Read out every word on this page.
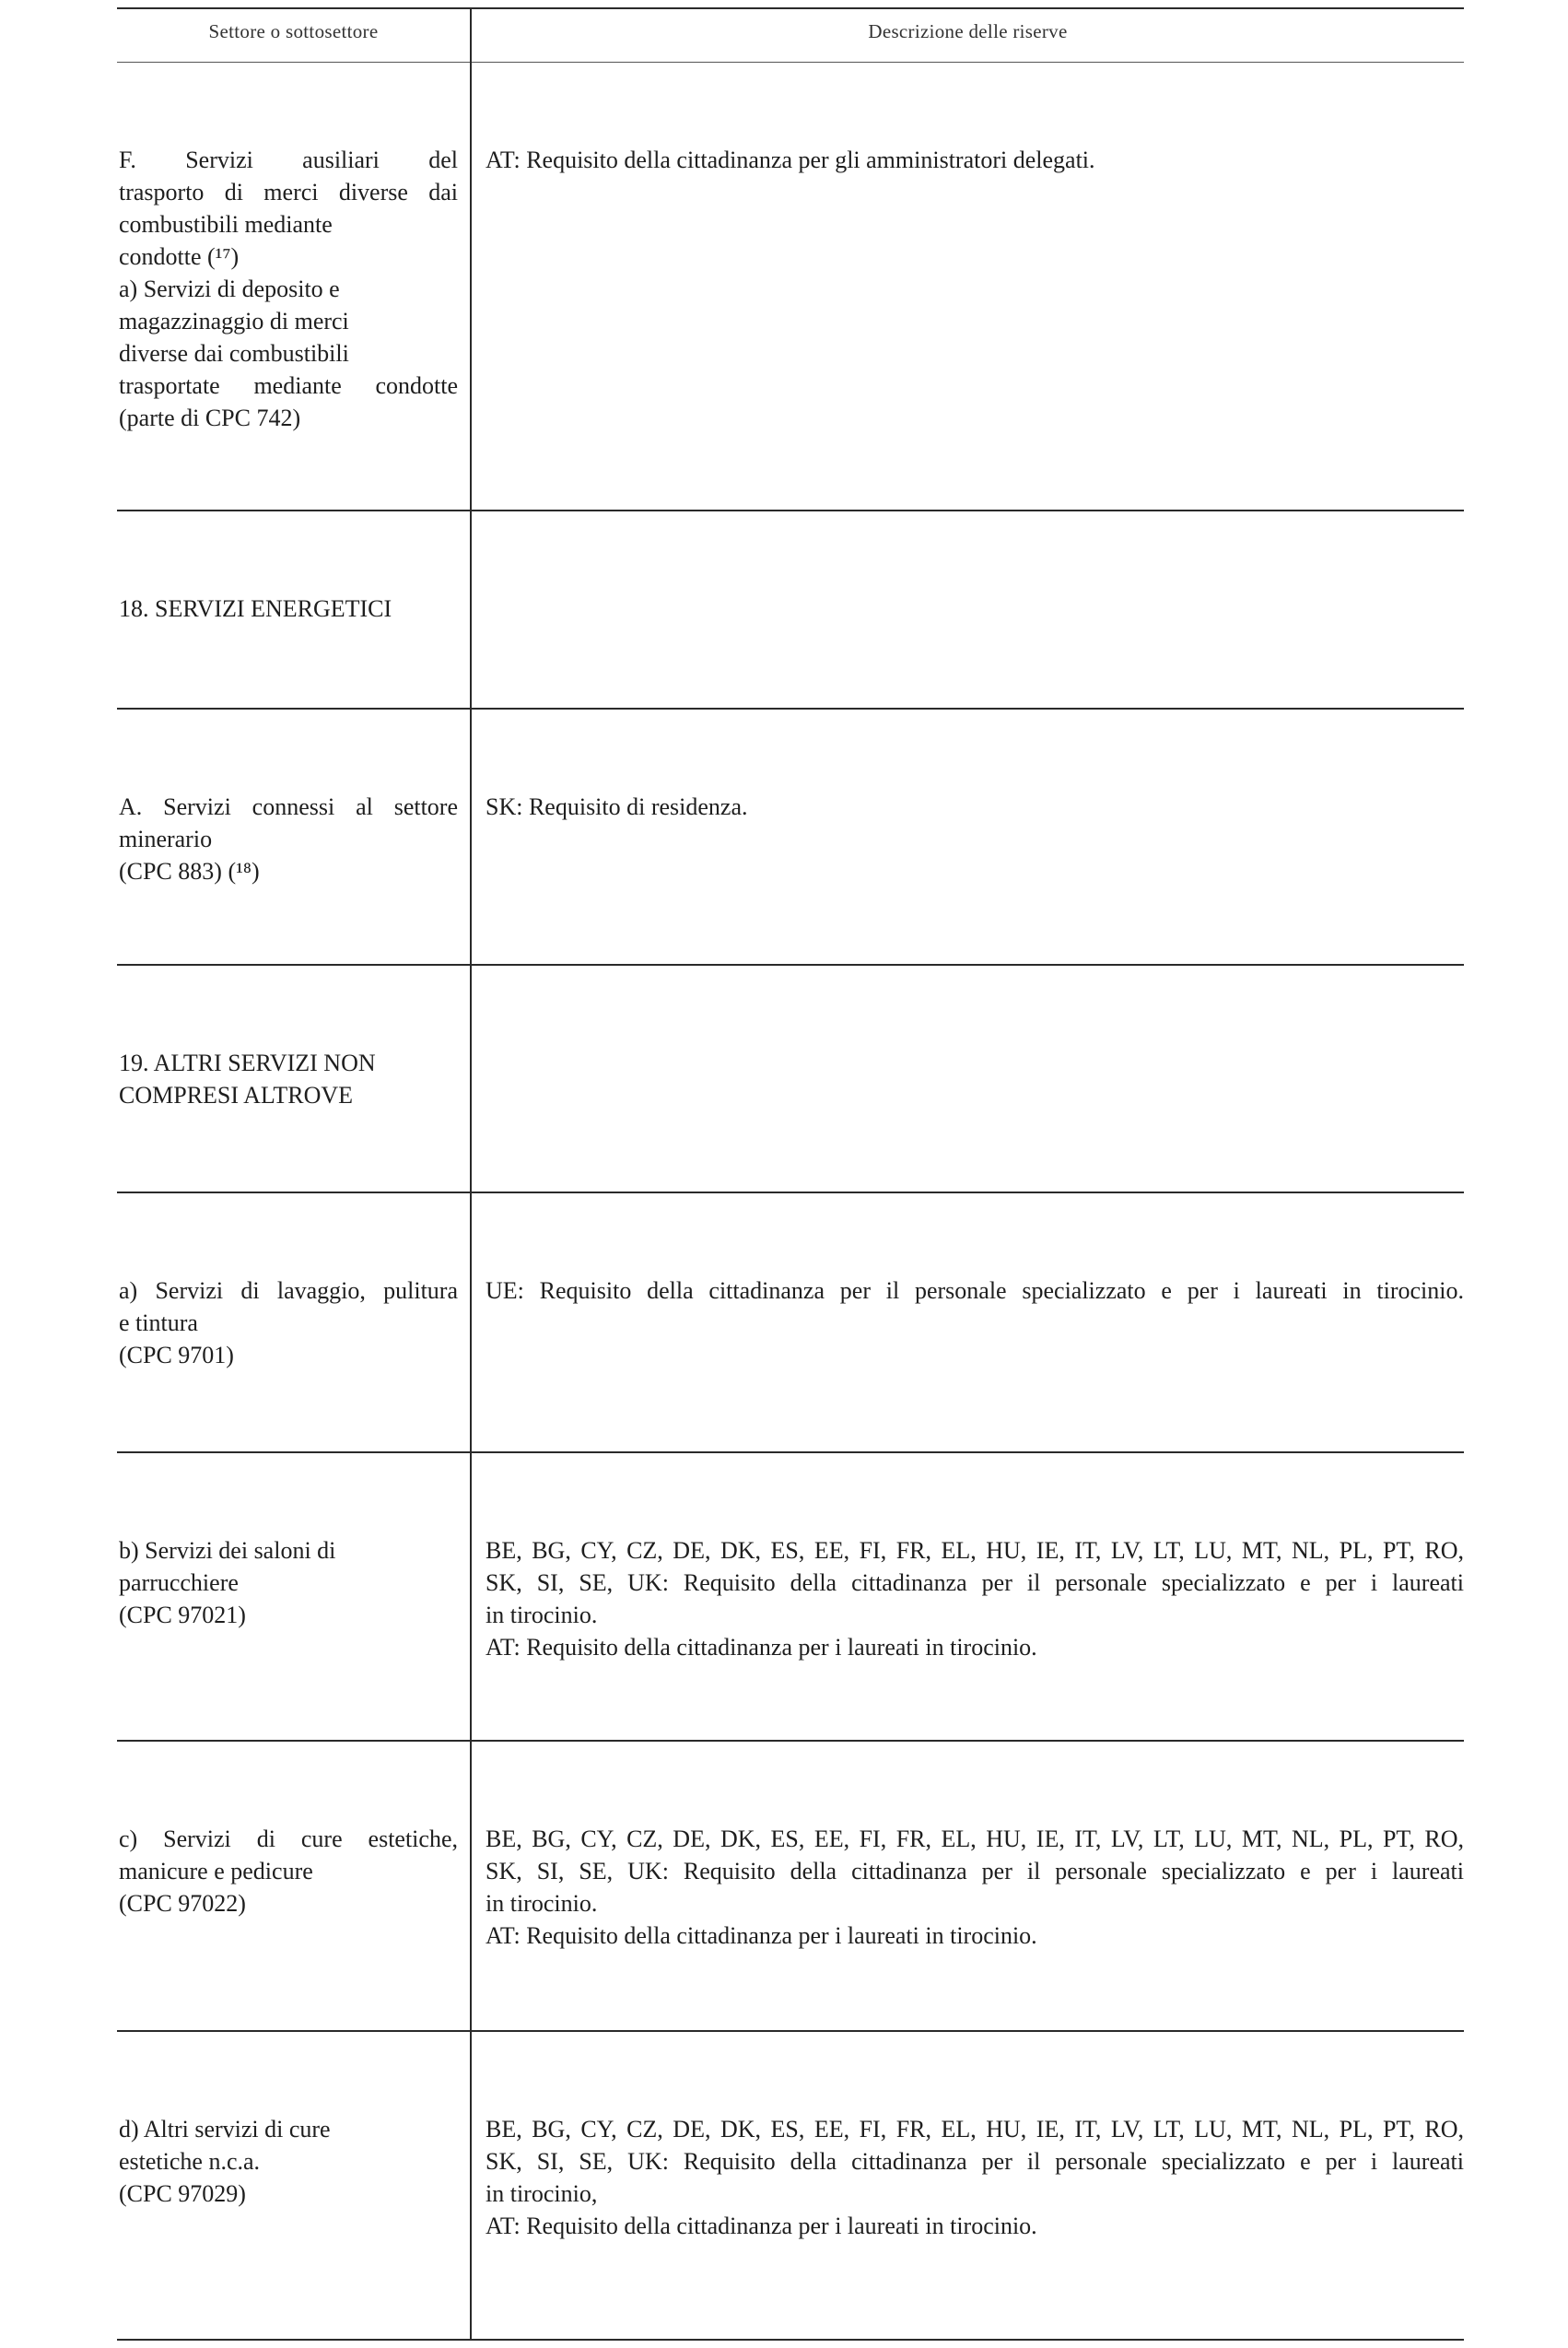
Settore o sottosettore	Descrizione delle riserve
F. Servizi ausiliari del
trasporto di merci diverse dai
combustibili mediante
condotte (¹⁷)
a) Servizi di deposito e
magazzinaggio di merci
diverse dai combustibili
trasportate mediante condotte
(parte di CPC 742)
AT: Requisito della cittadinanza per gli amministratori delegati.
18. SERVIZI ENERGETICI
A. Servizi connessi al settore
minerario
(CPC 883) (¹⁸)
SK: Requisito di residenza.
19. ALTRI SERVIZI NON
COMPRESI ALTROVE
a) Servizi di lavaggio, pulitura
e tintura
(CPC 9701)
UE: Requisito della cittadinanza per il personale specializzato e per i laureati in tirocinio.
b) Servizi dei saloni di
parrucchiere
(CPC 97021)
BE, BG, CY, CZ, DE, DK, ES, EE, FI, FR, EL, HU, IE, IT, LV, LT, LU, MT, NL, PL, PT, RO,
SK, SI, SE, UK: Requisito della cittadinanza per il personale specializzato e per i laureati
in tirocinio.
AT: Requisito della cittadinanza per i laureati in tirocinio.
c) Servizi di cure estetiche,
manicure e pedicure
(CPC 97022)
BE, BG, CY, CZ, DE, DK, ES, EE, FI, FR, EL, HU, IE, IT, LV, LT, LU, MT, NL, PL, PT, RO,
SK, SI, SE, UK: Requisito della cittadinanza per il personale specializzato e per i laureati
in tirocinio.
AT: Requisito della cittadinanza per i laureati in tirocinio.
d) Altri servizi di cure
estetiche n.c.a.
(CPC 97029)
BE, BG, CY, CZ, DE, DK, ES, EE, FI, FR, EL, HU, IE, IT, LV, LT, LU, MT, NL, PL, PT, RO,
SK, SI, SE, UK: Requisito della cittadinanza per il personale specializzato e per i laureati
in tirocinio,
AT: Requisito della cittadinanza per i laureati in tirocinio.
